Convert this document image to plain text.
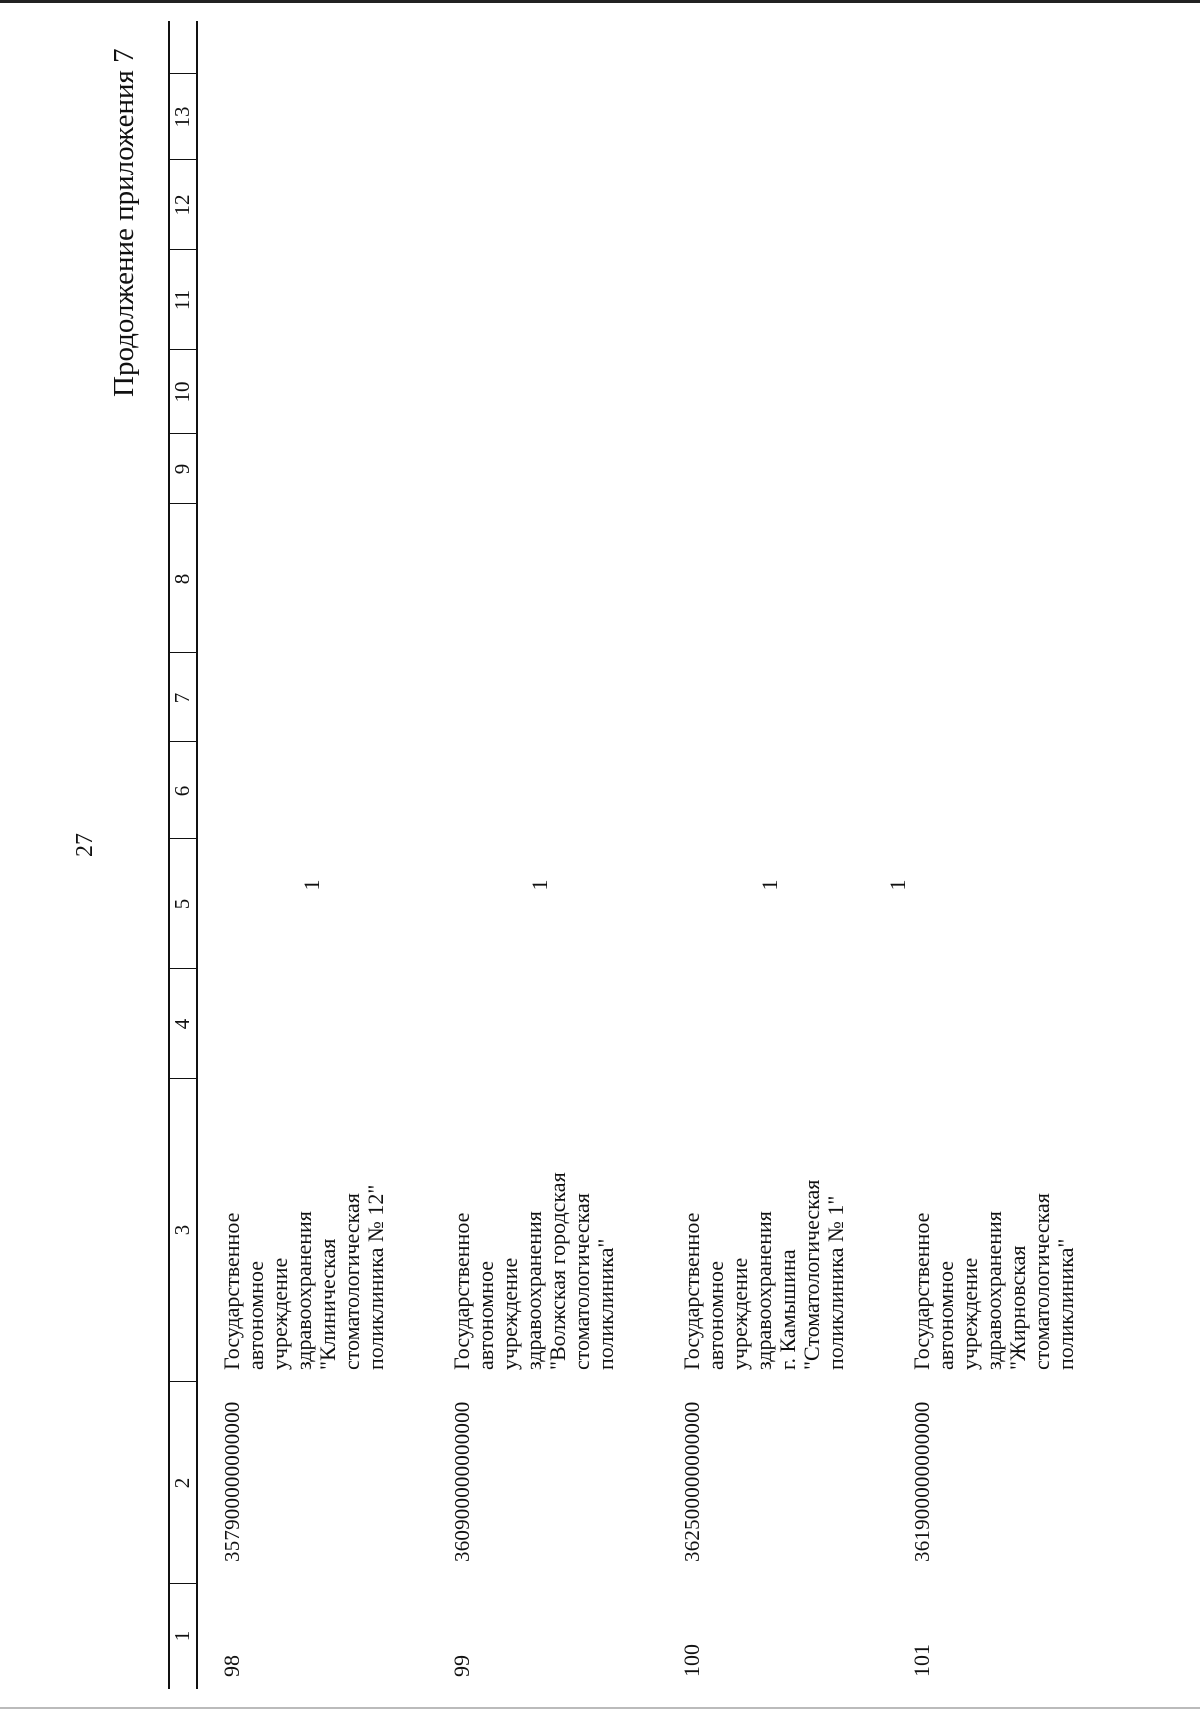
27
Продолжение приложения 7
1
2
3
4
5
6
7
8
9
10
11
12
13
98
357900000000000
Государственное автономное учреждение здравоохранения "Клиническая стоматологическая поликлиника № 12"
1
99
360900000000000
Государственное автономное учреждение здравоохранения "Волжская городская стоматологическая поликлиника"
1
100
362500000000000
Государственное автономное учреждение здравоохранения г. Камышина "Стоматологическая поликлиника № 1"
1
101
361900000000000
Государственное автономное учреждение здравоохранения "Жирновская стоматологическая поликлиника"
1
